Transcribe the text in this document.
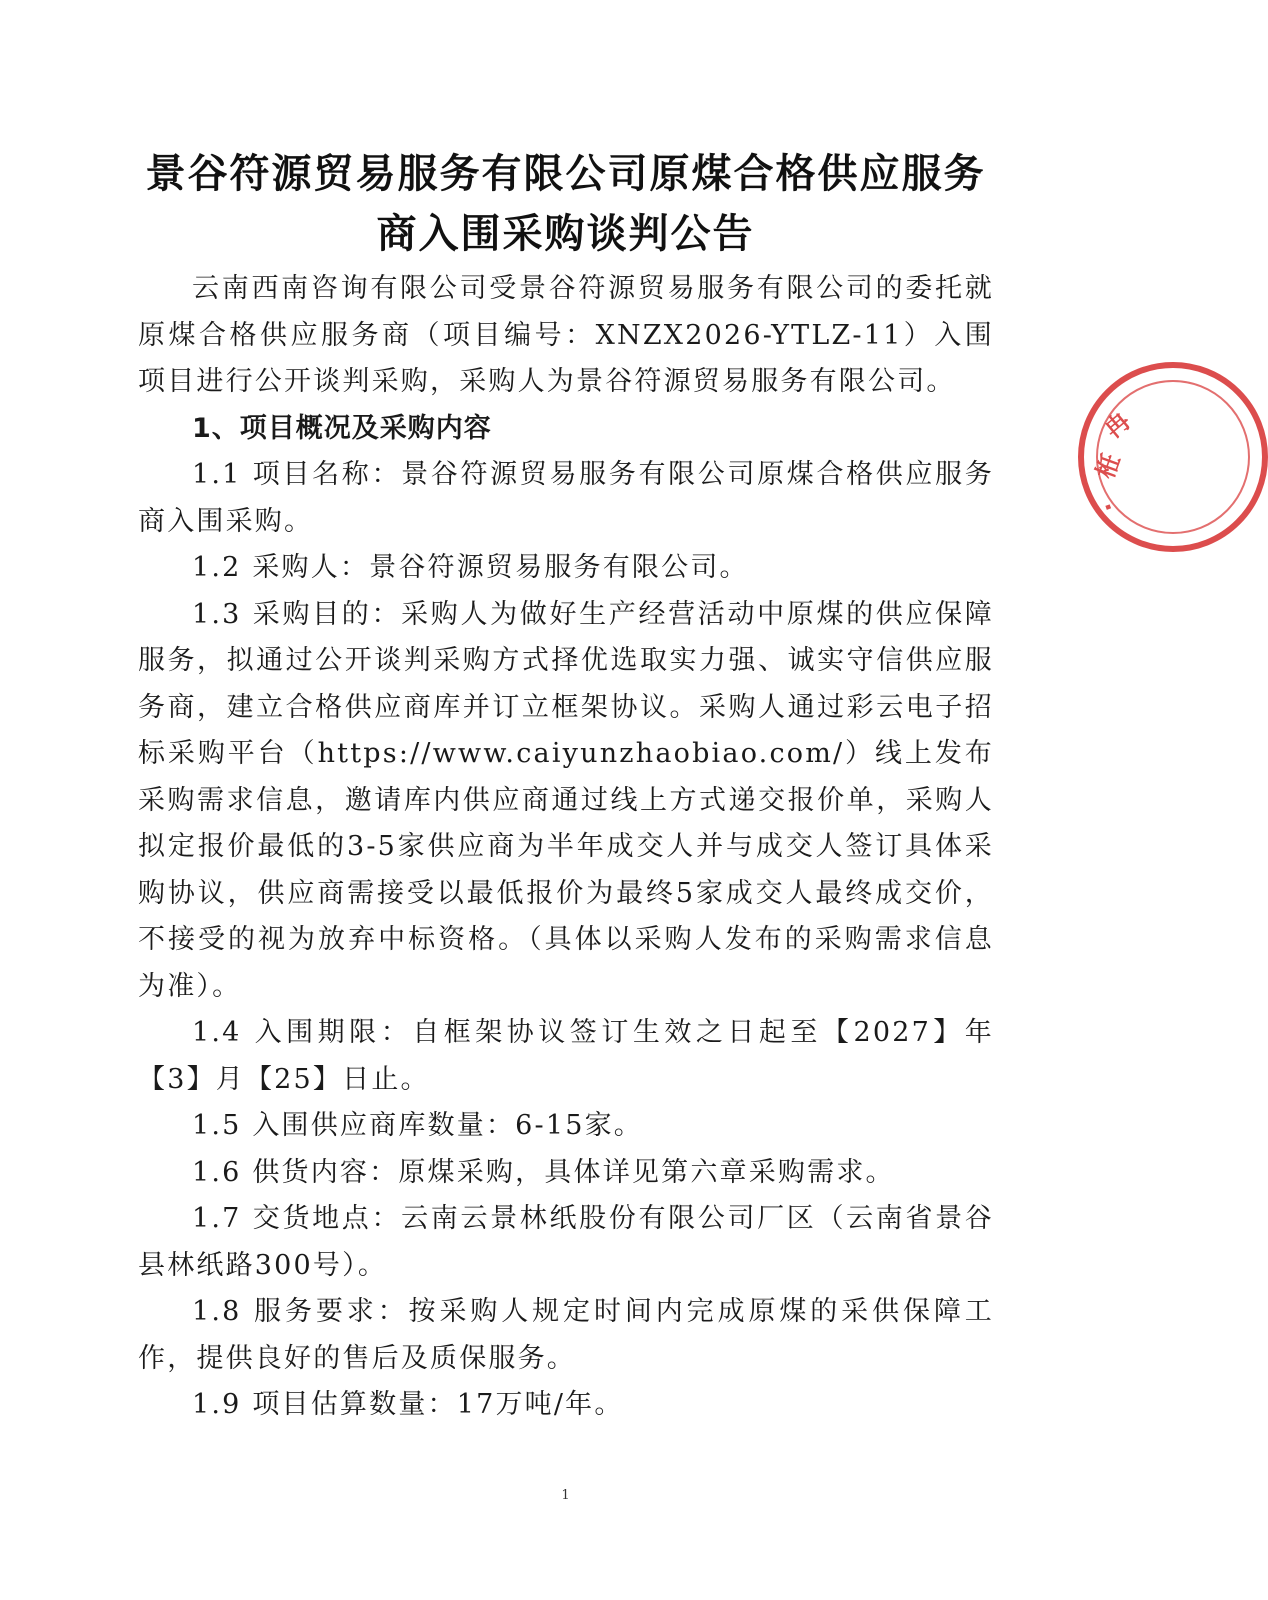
景谷符源贸易服务有限公司原煤合格供应服务
商入围采购谈判公告

云南西南咨询有限公司受景谷符源贸易服务有限公司的委托就原煤合格供应服务商（项目编号：XNZX2026-YTLZ-11）入围项目进行公开谈判采购，采购人为景谷符源贸易服务有限公司。

1、项目概况及采购内容

1.1 项目名称：景谷符源贸易服务有限公司原煤合格供应服务商入围采购。

1.2 采购人：景谷符源贸易服务有限公司。

1.3 采购目的：采购人为做好生产经营活动中原煤的供应保障服务，拟通过公开谈判采购方式择优选取实力强、诚实守信供应服务商，建立合格供应商库并订立框架协议。采购人通过彩云电子招标采购平台（https://www.caiyunzhaobiao.com/）线上发布采购需求信息，邀请库内供应商通过线上方式递交报价单，采购人拟定报价最低的3-5家供应商为半年成交人并与成交人签订具体采购协议，供应商需接受以最低报价为最终5家成交人最终成交价，不接受的视为放弃中标资格。（具体以采购人发布的采购需求信息为准）。

1.4 入围期限：自框架协议签订生效之日起至【2027】年【3】月【25】日止。

1.5 入围供应商库数量：6-15家。

1.6 供货内容：原煤采购，具体详见第六章采购需求。

1.7 交货地点：云南云景林纸股份有限公司厂区（云南省景谷县林纸路300号）。

1.8 服务要求：按采购人规定时间内完成原煤的采供保障工作，提供良好的售后及质保服务。

1.9 项目估算数量：17万吨/年。

1
冉
栣
·
